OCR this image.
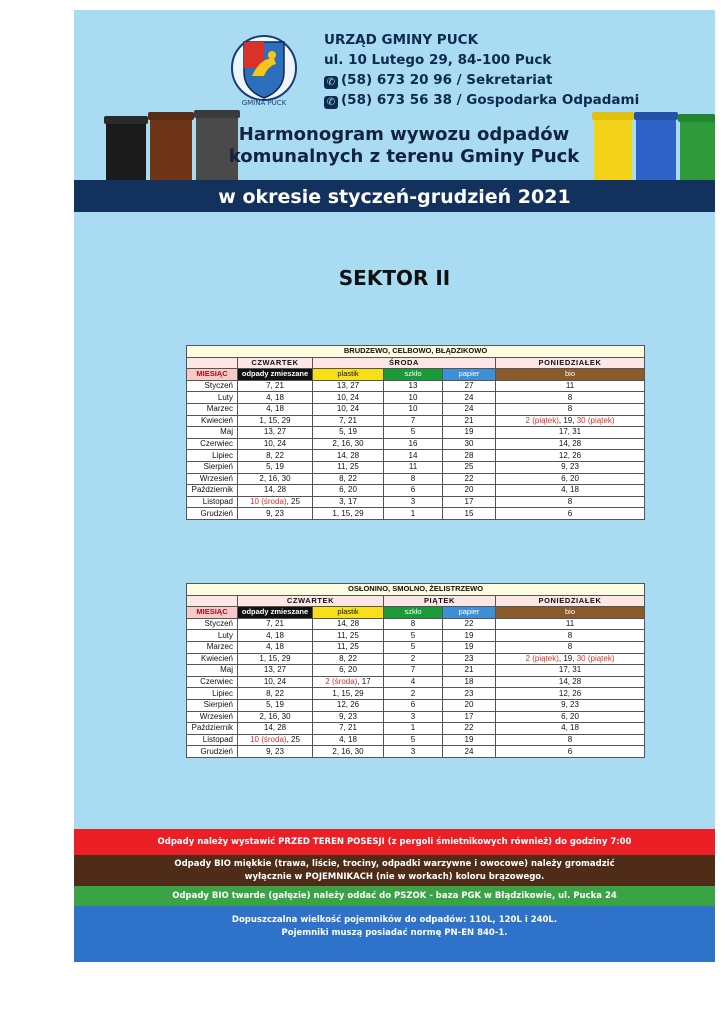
GMINA PUCK
URZĄD GMINY PUCK
ul. 10 Lutego 29, 84-100 Puck
✆ (58) 673 20 96 / Sekretariat
✆ (58) 673 56 38 / Gospodarka Odpadami
Harmonogram wywozu odpadów
komunalnych z terenu Gminy Puck
w okresie styczeń-grudzień 2021
SEKTOR II
BRUDZEWO, CELBOWO, BŁĄDZIKOWO					
	CZWARTEK	ŚRODA			PONIEDZIAŁEK
MIESIĄC	odpady zmieszane	plastik	szkło	papier	bio
Styczeń	7, 21	13, 27	13	27	11
Luty	4, 18	10, 24	10	24	8
Marzec	4, 18	10, 24	10	24	8
Kwiecień	1, 15, 29	7, 21	7	21	2 (piątek), 19, 30 (piątek)
Maj	13, 27	5, 19	5	19	17, 31
Czerwiec	10, 24	2, 16, 30	16	30	14, 28
Lipiec	8, 22	14, 28	14	28	12, 26
Sierpień	5, 19	11, 25	11	25	9, 23
Wrzesień	2, 16, 30	8, 22	8	22	6, 20
Październik	14, 28	6, 20	6	20	4, 18
Listopad	10 (środa), 25	3, 17	3	17	8
Grudzień	9, 23	1, 15, 29	1	15	6
OSŁONINO, SMOLNO, ŻELISTRZEWO					
	CZWARTEK		PIĄTEK		PONIEDZIAŁEK
MIESIĄC	odpady zmieszane	plastik	szkło	papier	bio
Styczeń	7, 21	14, 28	8	22	11
Luty	4, 18	11, 25	5	19	8
Marzec	4, 18	11, 25	5	19	8
Kwiecień	1, 15, 29	8, 22	2	23	2 (piątek), 19, 30 (piątek)
Maj	13, 27	6, 20	7	21	17, 31
Czerwiec	10, 24	2 (środa), 17	4	18	14, 28
Lipiec	8, 22	1, 15, 29	2	23	12, 26
Sierpień	5, 19	12, 26	6	20	9, 23
Wrzesień	2, 16, 30	9, 23	3	17	6, 20
Październik	14, 28	7, 21	1	22	4, 18
Listopad	10 (środa), 25	4, 18	5	19	8
Grudzień	9, 23	2, 16, 30	3	24	6
Odpady należy wystawić PRZED TEREN POSESJI (z pergoli śmietnikowych również) do godziny 7:00
Odpady BIO miękkie (trawa, liście, trociny, odpadki warzywne i owocowe) należy gromadzić
wyłącznie w POJEMNIKACH (nie w workach) koloru brązowego.
Odpady BIO twarde (gałęzie) należy oddać do PSZOK - baza PGK w Błądzikowie, ul. Pucka 24
Dopuszczalna wielkość pojemników do odpadów: 110L, 120L i 240L.
Pojemniki muszą posiadać normę PN-EN 840-1.
